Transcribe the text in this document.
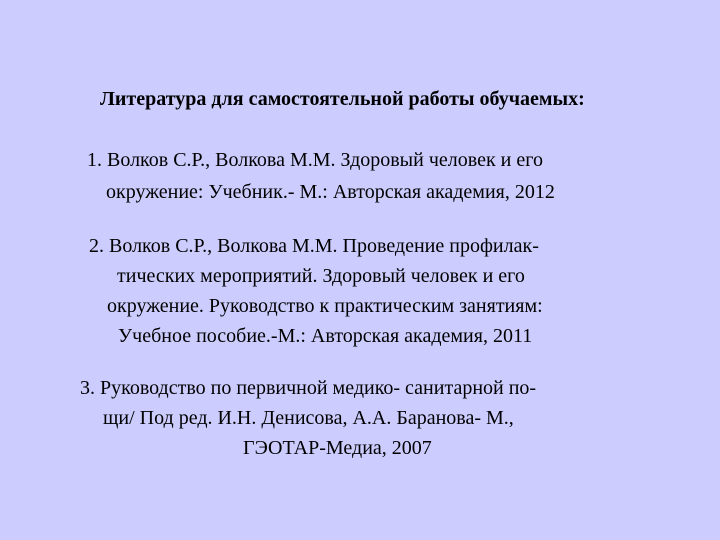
Литература для самостоятельной работы обучаемых:
1. Волков С.Р., Волкова М.М. Здоровый человек и его
окружение: Учебник.- М.: Авторская академия, 2012
2. Волков С.Р., Волкова М.М. Проведение профилак-
тических мероприятий. Здоровый человек и его
окружение. Руководство к практическим занятиям:
Учебное пособие.-М.: Авторская академия, 2011
3. Руководство по первичной медико- санитарной по-
щи/ Под ред. И.Н. Денисова, А.А. Баранова- М.,
ГЭОТАР-Медиа, 2007
